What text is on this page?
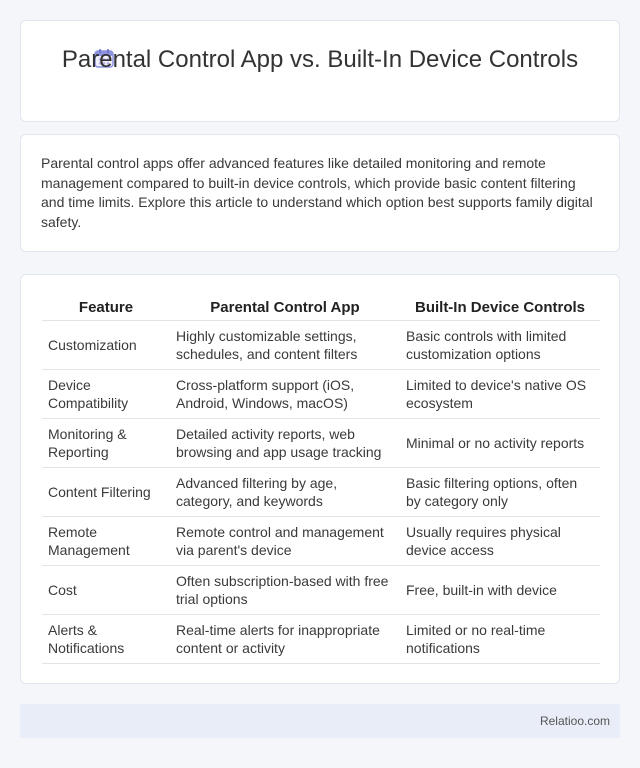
Parental Control App vs. Built-In Device Controls

Parental control apps offer advanced features like detailed monitoring and remote management compared to built-in device controls, which provide basic content filtering and time limits. Explore this article to understand which option best supports family digital safety.

Feature	Parental Control App	Built-In Device Controls
Customization	Highly customizable settings, schedules, and content filters	Basic controls with limited customization options
Device Compatibility	Cross-platform support (iOS, Android, Windows, macOS)	Limited to device's native OS ecosystem
Monitoring & Reporting	Detailed activity reports, web browsing and app usage tracking	Minimal or no activity reports
Content Filtering	Advanced filtering by age, category, and keywords	Basic filtering options, often by category only
Remote Management	Remote control and management via parent's device	Usually requires physical device access
Cost	Often subscription-based with free trial options	Free, built-in with device
Alerts & Notifications	Real-time alerts for inappropriate content or activity	Limited or no real-time notifications
Relatioo.com
